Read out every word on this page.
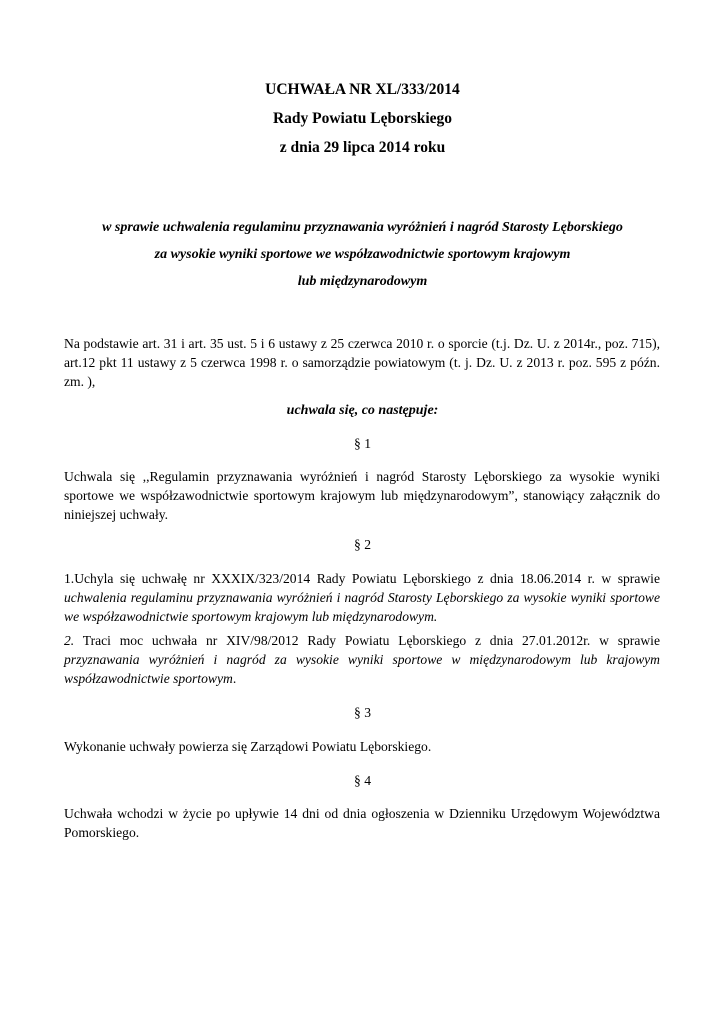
UCHWAŁA NR XL/333/2014
Rady Powiatu Lęborskiego
z dnia 29 lipca 2014 roku
w sprawie uchwalenia regulaminu przyznawania wyróżnień i nagród Starosty Lęborskiego
za wysokie wyniki sportowe we współzawodnictwie sportowym krajowym
lub międzynarodowym
Na podstawie art. 31 i art. 35 ust. 5 i 6 ustawy z 25 czerwca 2010 r. o sporcie (t.j. Dz. U. z 2014r., poz. 715), art.12 pkt 11 ustawy z 5 czerwca 1998 r. o samorządzie powiatowym (t. j. Dz. U. z 2013 r. poz. 595 z późn. zm. ),
uchwala się, co następuje:
§ 1
Uchwala się ,,Regulamin przyznawania wyróżnień i nagród Starosty Lęborskiego za wysokie wyniki sportowe we współzawodnictwie sportowym krajowym lub międzynarodowym”, stanowiący załącznik do niniejszej uchwały.
§ 2
1.Uchyla się uchwałę nr XXXIX/323/2014 Rady Powiatu Lęborskiego z dnia 18.06.2014 r. w sprawie uchwalenia regulaminu przyznawania wyróżnień i nagród Starosty Lęborskiego za wysokie wyniki sportowe we współzawodnictwie sportowym krajowym lub międzynarodowym.
2. Traci moc uchwała nr XIV/98/2012 Rady Powiatu Lęborskiego z dnia 27.01.2012r. w sprawie przyznawania wyróżnień i nagród za wysokie wyniki sportowe w międzynarodowym lub krajowym współzawodnictwie sportowym.
§ 3
Wykonanie uchwały powierza się Zarządowi Powiatu Lęborskiego.
§ 4
Uchwała wchodzi w życie po upływie 14 dni od dnia ogłoszenia w Dzienniku Urzędowym Województwa Pomorskiego.
